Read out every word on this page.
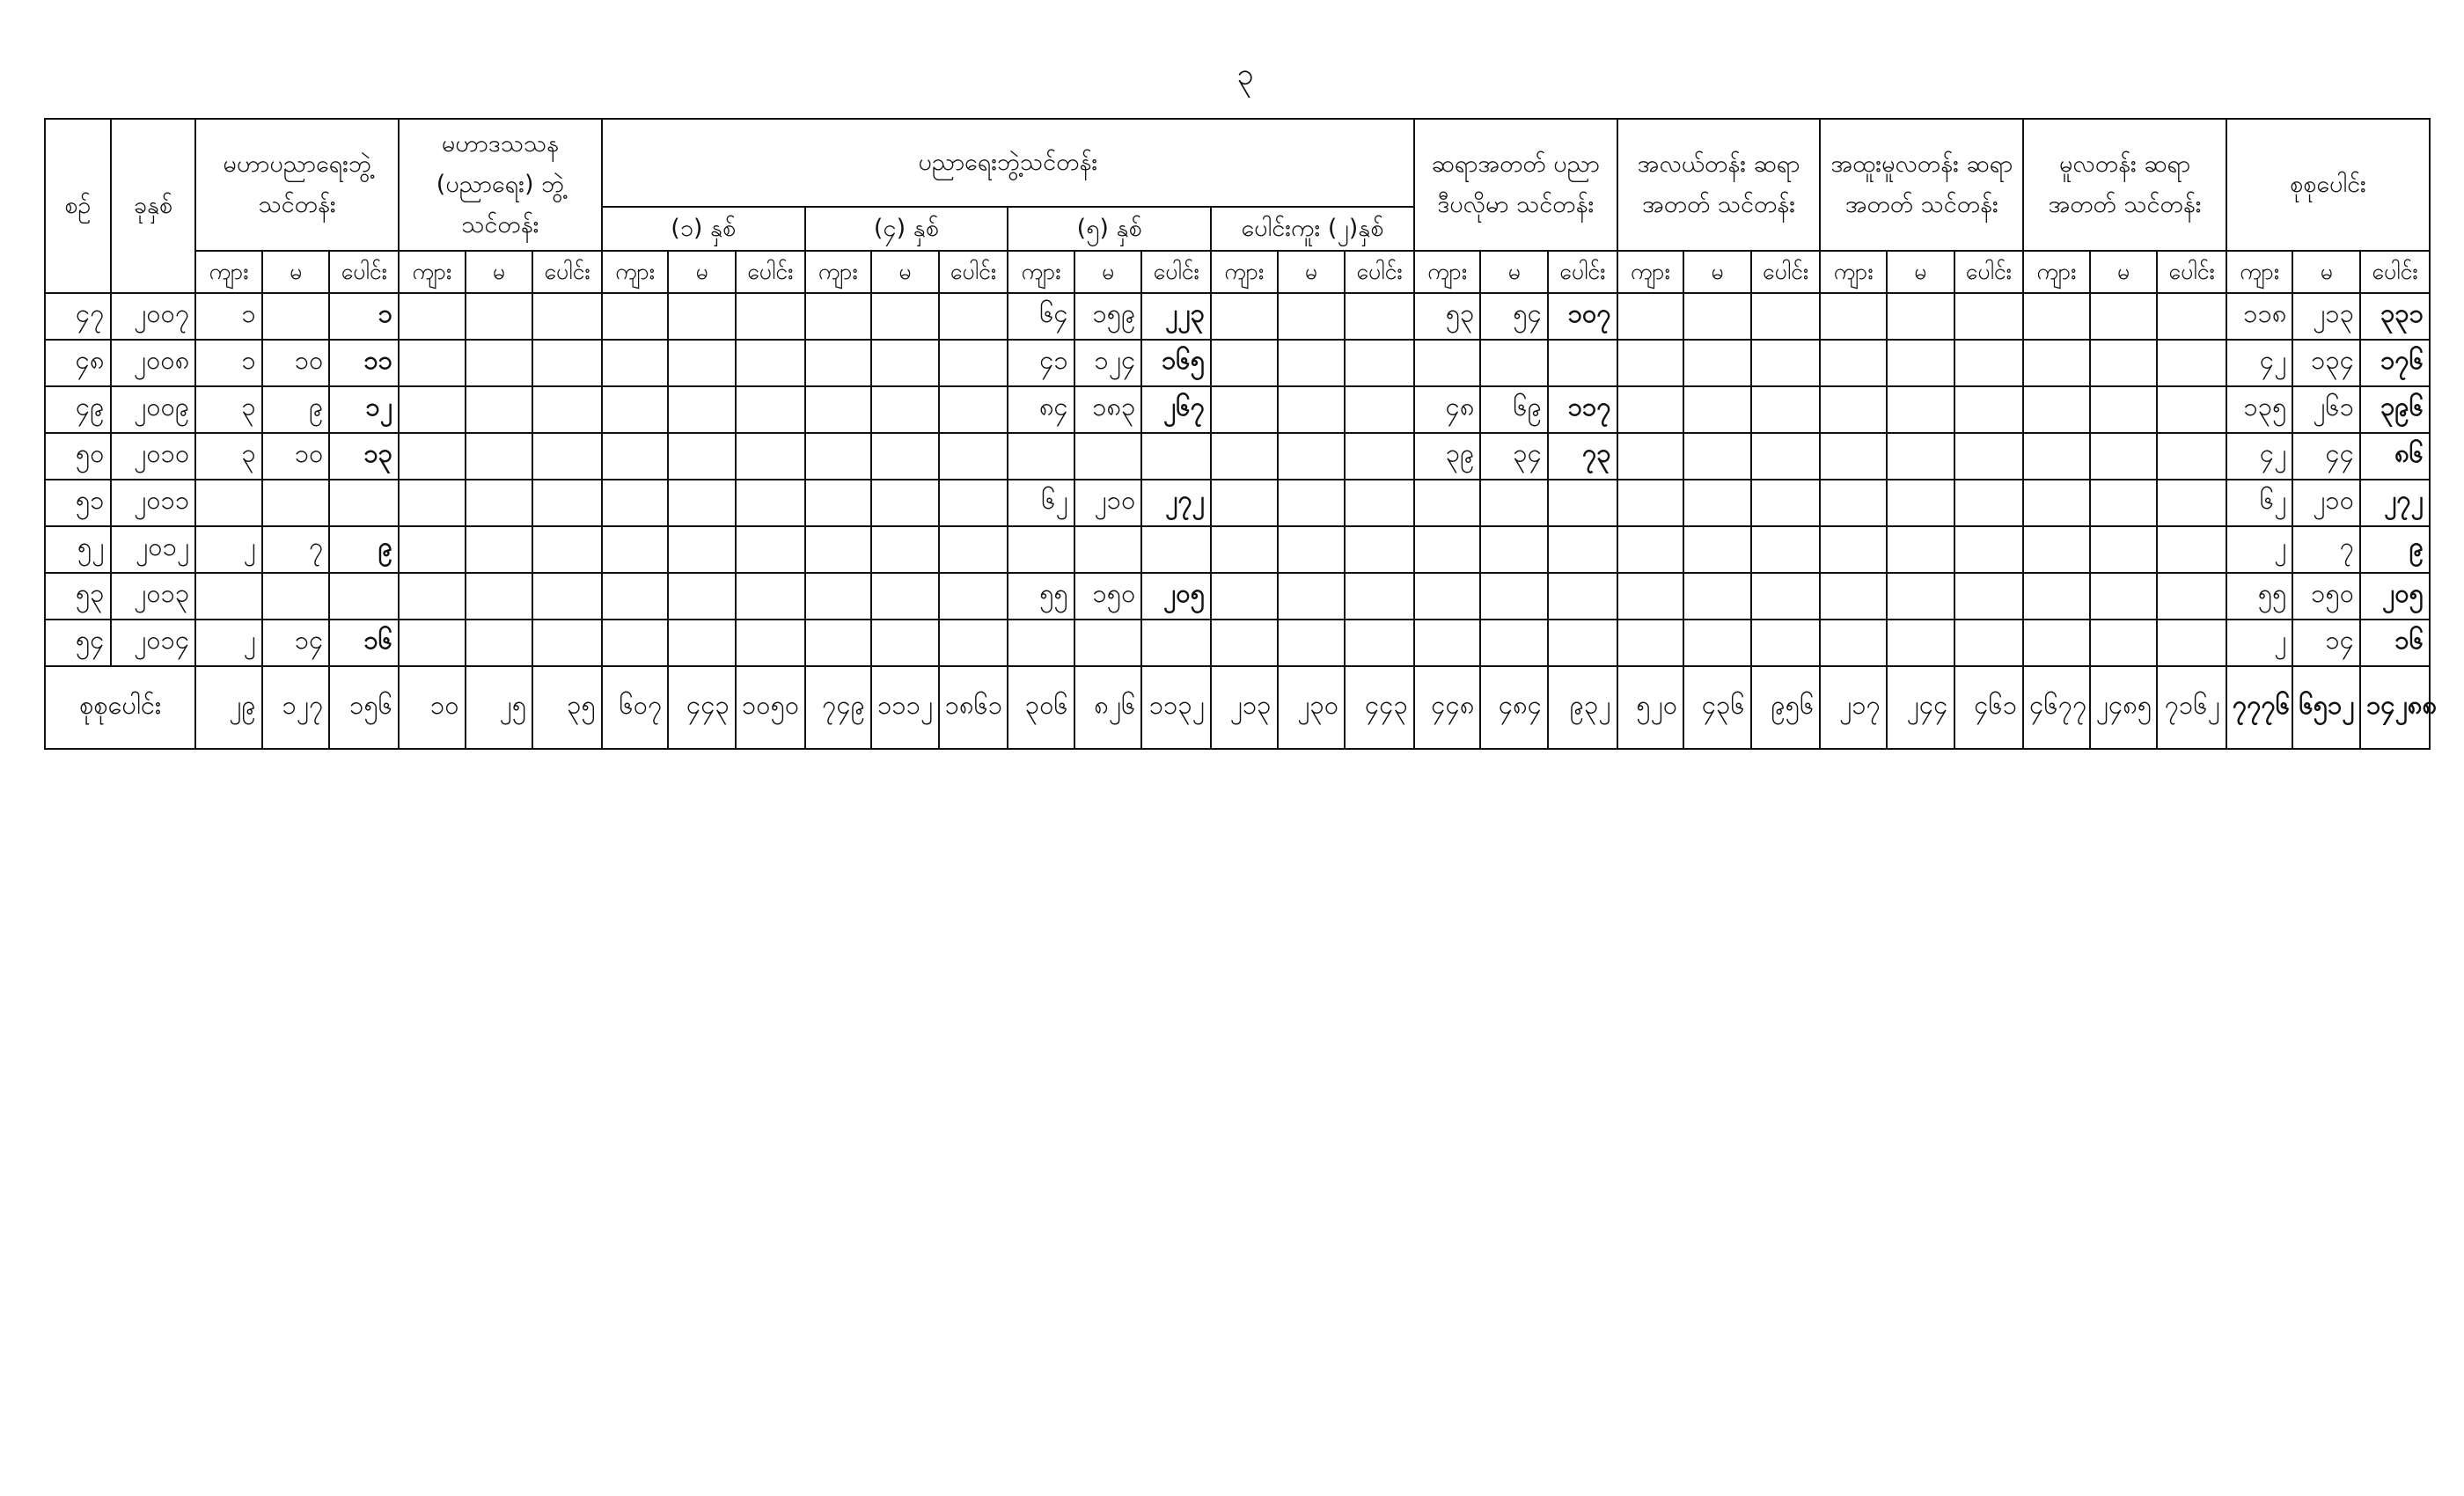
၃
စဉ်	ခုနှစ်	မဟာပညာရေးဘွဲ့ သင်တန်း			မဟာဒသသန (ပညာရေး) ဘွဲ့သင်တန်း			ပညာရေးဘွဲ့သင်တန်း												ဆရာအတတ် ပညာဒီပလိုမာ သင်တန်း			အလယ်တန်း ဆရာအတတ် သင်တန်း			အထူးမူလတန်း ဆရာအတတ် သင်တန်း			မူလတန်း ဆရာအတတ် သင်တန်း			စုစုပေါင်း		
								(၁) နှစ်			(၄) နှစ်			(၅) နှစ်			ပေါင်းကူး (၂)နှစ်																	
		ကျား	မ	ပေါင်း	ကျား	မ	ပေါင်း	ကျား	မ	ပေါင်း	ကျား	မ	ပေါင်း	ကျား	မ	ပေါင်း	ကျား	မ	ပေါင်း	ကျား	မ	ပေါင်း	ကျား	မ	ပေါင်း	ကျား	မ	ပေါင်း	ကျား	မ	ပေါင်း	ကျား	မ	ပေါင်း
၄၇	၂၀၀၇	၁		၁										၆၄	၁၅၉	၂၂၃				၅၃	၅၄	၁၀၇										၁၁၈	၂၁၃	၃၃၁
၄၈	၂၀၀၈	၁	၁၀	၁၁										၄၁	၁၂၄	၁၆၅																၄၂	၁၃၄	၁၇၆
၄၉	၂၀၀၉	၃	၉	၁၂										၈၄	၁၈၃	၂၆၇				၄၈	၆၉	၁၁၇										၁၃၅	၂၆၁	၃၉၆
၅၀	၂၀၁၀	၃	၁၀	၁၃																၃၉	၃၄	၇၃										၄၂	၄၄	၈၆
၅၁	၂၀၁၁													၆၂	၂၁၀	၂၇၂																၆၂	၂၁၀	၂၇၂
၅၂	၂၀၁၂	၂	၇	၉																												၂	၇	၉
၅၃	၂၀၁၃													၅၅	၁၅၀	၂၀၅																၅၅	၁၅၀	၂၀၅
၅၄	၂၀၁၄	၂	၁၄	၁၆																												၂	၁၄	၁၆
စုစုပေါင်း		၂၉	၁၂၇	၁၅၆	၁၀	၂၅	၃၅	၆၀၇	၄၄၃	၁၀၅၀	၇၄၉	၁၁၁၂	၁၈၆၁	၃၀၆	၈၂၆	၁၁၃၂	၂၁၃	၂၃၀	၄၄၃	၄၄၈	၄၈၄	၉၃၂	၅၂၀	၄၃၆	၉၅၆	၂၁၇	၂၄၄	၄၆၁	၄၆၇၇	၂၄၈၅	၇၁၆၂	၇၇၇၆	၆၅၁၂	၁၄၂၈၈
